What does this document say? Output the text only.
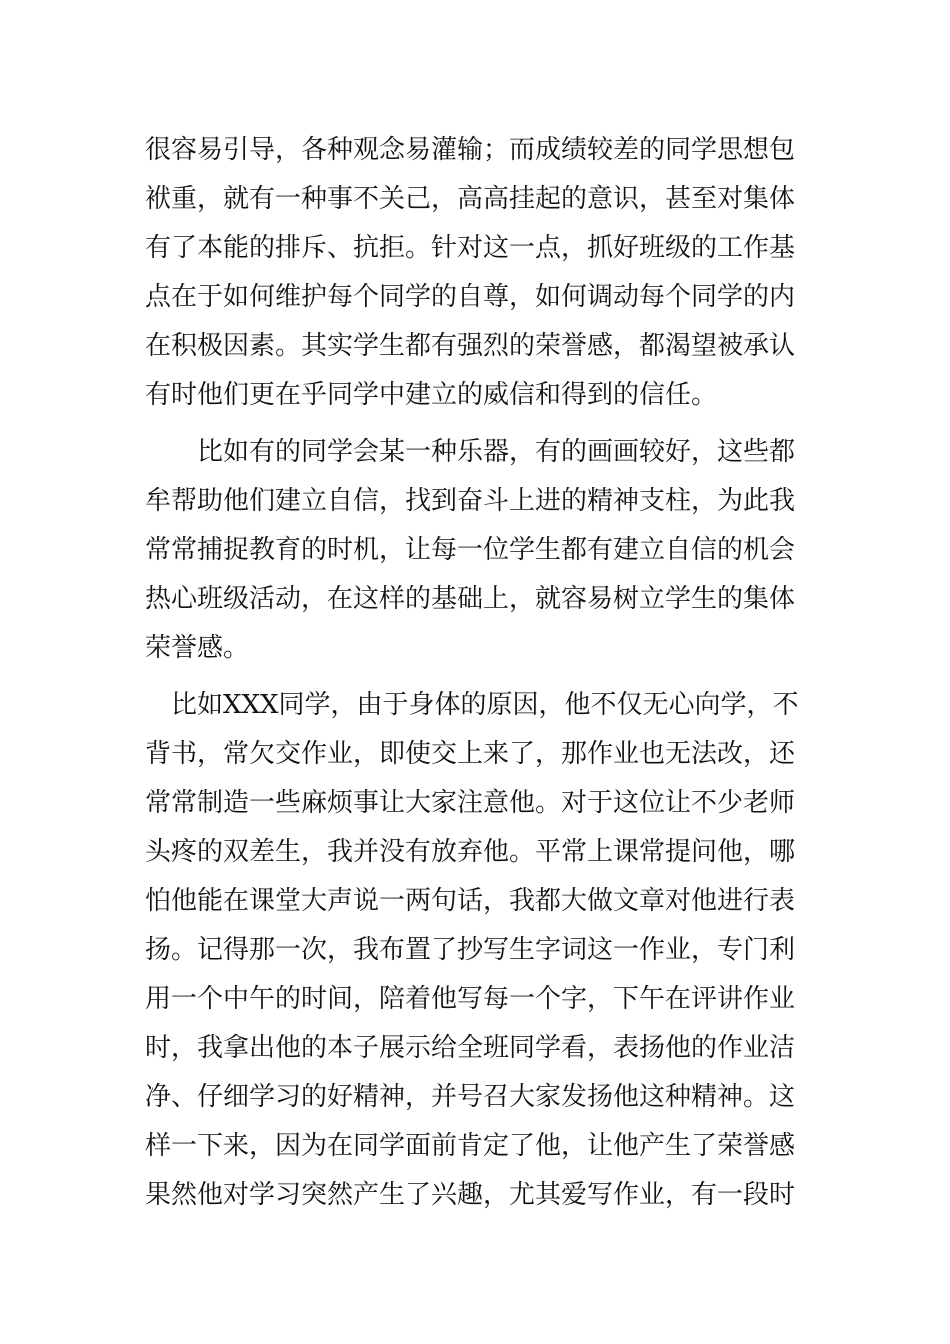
很容易引导，各种观念易灌输；而成绩较差的同学思想包
袱重，就有一种事不关己，高高挂起的意识，甚至对集体
有了本能的排斥、抗拒。针对这一点，抓好班级的工作基
点在于如何维护每个同学的自尊，如何调动每个同学的内
在积极因素。其实学生都有强烈的荣誉感，都渴望被承认
有时他们更在乎同学中建立的威信和得到的信任。
比如有的同学会某一种乐器，有的画画较好，这些都
牟帮助他们建立自信，找到奋斗上进的精神支柱，为此我
常常捕捉教育的时机，让每一位学生都有建立自信的机会
热心班级活动，在这样的基础上，就容易树立学生的集体
荣誉感。
比如XXX同学，由于身体的原因，他不仅无心向学，不
背书，常欠交作业，即使交上来了，那作业也无法改，还
常常制造一些麻烦事让大家注意他。对于这位让不少老师
头疼的双差生，我并没有放弃他。平常上课常提问他，哪
怕他能在课堂大声说一两句话，我都大做文章对他进行表
扬。记得那一次，我布置了抄写生字词这一作业，专门利
用一个中午的时间，陪着他写每一个字，下午在评讲作业
时，我拿出他的本子展示给全班同学看，表扬他的作业洁
净、仔细学习的好精神，并号召大家发扬他这种精神。这
样一下来，因为在同学面前肯定了他，让他产生了荣誉感
果然他对学习突然产生了兴趣，尤其爱写作业，有一段时
